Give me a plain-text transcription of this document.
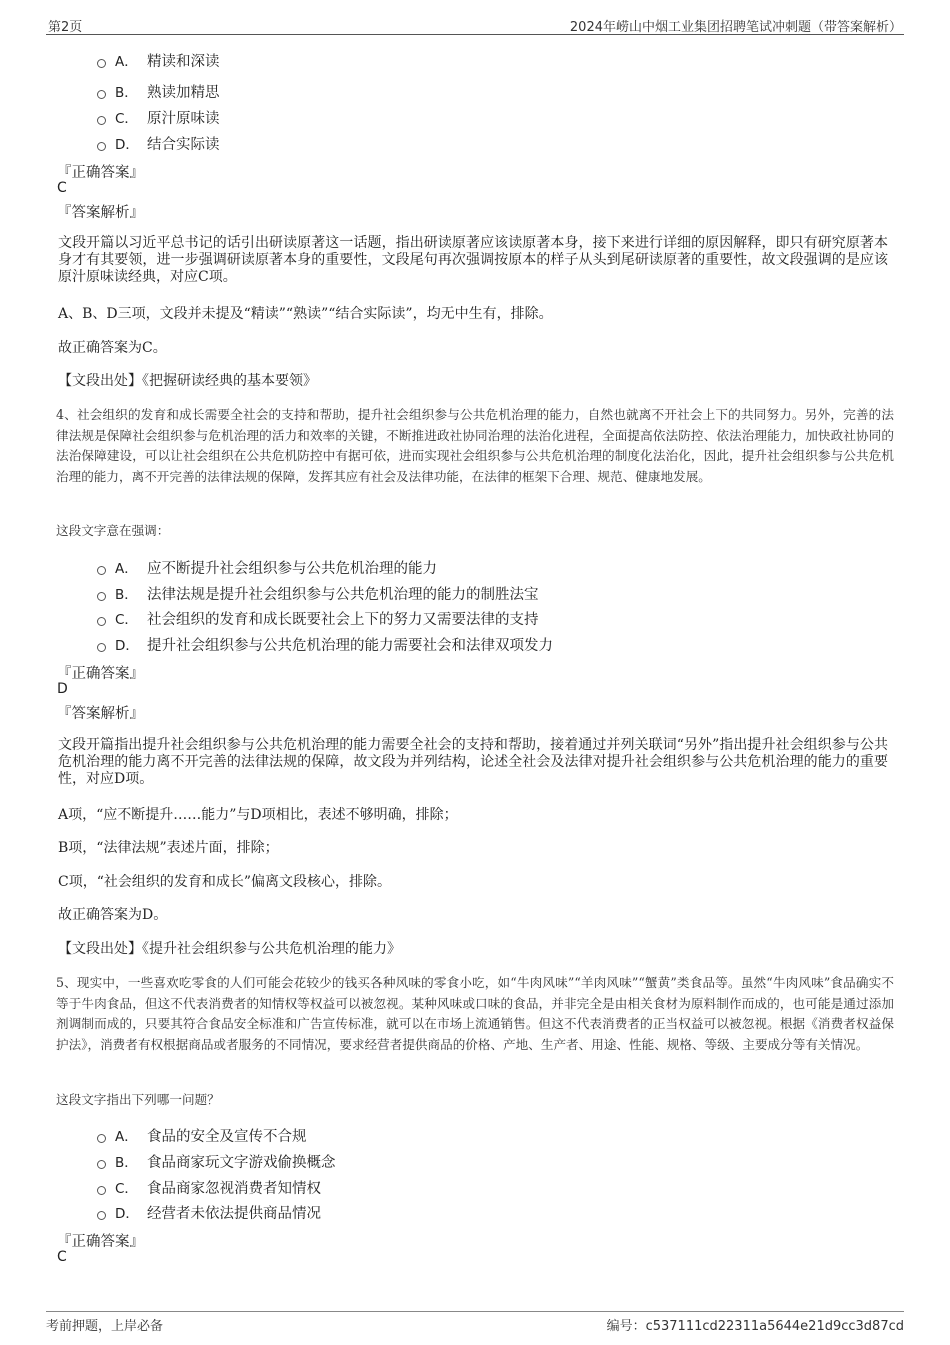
第2页	2024年崂山中烟工业集团招聘笔试冲刺题（带答案解析）
A． 精读和深读
B． 熟读加精思
C． 原汁原味读
D． 结合实际读
『正确答案』
C
『答案解析』
文段开篇以习近平总书记的话引出研读原著这一话题，指出研读原著应该读原著本身，接下来进行详细的原因解释，即只有研究原著本身才有其要领，进一步强调研读原著本身的重要性，文段尾句再次强调按原本的样子从头到尾研读原著的重要性，故文段强调的是应该原汁原味读经典，对应C项。
A、B、D三项，文段并未提及“精读”“熟读”“结合实际读”，均无中生有，排除。
故正确答案为C。
【文段出处】《把握研读经典的基本要领》
4、社会组织的发育和成长需要全社会的支持和帮助，提升社会组织参与公共危机治理的能力，自然也就离不开社会上下的共同努力。另外，完善的法律法规是保障社会组织参与危机治理的活力和效率的关键，不断推进政社协同治理的法治化进程，全面提高依法防控、依法治理能力，加快政社协同的法治保障建设，可以让社会组织在公共危机防控中有据可依，进而实现社会组织参与公共危机治理的制度化法治化，因此，提升社会组织参与公共危机治理的能力，离不开完善的法律法规的保障，发挥其应有社会及法律功能，在法律的框架下合理、规范、健康地发展。
这段文字意在强调：
A． 应不断提升社会组织参与公共危机治理的能力
B． 法律法规是提升社会组织参与公共危机治理的能力的制胜法宝
C． 社会组织的发育和成长既要社会上下的努力又需要法律的支持
D． 提升社会组织参与公共危机治理的能力需要社会和法律双项发力
『正确答案』
D
『答案解析』
文段开篇指出提升社会组织参与公共危机治理的能力需要全社会的支持和帮助，接着通过并列关联词“另外”指出提升社会组织参与公共危机治理的能力离不开完善的法律法规的保障，故文段为并列结构，论述全社会及法律对提升社会组织参与公共危机治理的能力的重要性，对应D项。
A项，“应不断提升……能力”与D项相比，表述不够明确，排除；
B项，“法律法规”表述片面，排除；
C项，“社会组织的发育和成长”偏离文段核心，排除。
故正确答案为D。
【文段出处】《提升社会组织参与公共危机治理的能力》
5、现实中，一些喜欢吃零食的人们可能会花较少的钱买各种风味的零食小吃，如“牛肉风味”“羊肉风味”“蟹黄”类食品等。虽然“牛肉风味”食品确实不等于牛肉食品，但这不代表消费者的知情权等权益可以被忽视。某种风味或口味的食品，并非完全是由相关食材为原料制作而成的，也可能是通过添加剂调制而成的，只要其符合食品安全标准和广告宣传标准，就可以在市场上流通销售。但这不代表消费者的正当权益可以被忽视。根据《消费者权益保护法》，消费者有权根据商品或者服务的不同情况，要求经营者提供商品的价格、产地、生产者、用途、性能、规格、等级、主要成分等有关情况。
这段文字指出下列哪一问题？
A． 食品的安全及宣传不合规
B． 食品商家玩文字游戏偷换概念
C． 食品商家忽视消费者知情权
D． 经营者未依法提供商品情况
『正确答案』
C
考前押题，上岸必备	编号：c537111cd22311a5644e21d9cc3d87cd
